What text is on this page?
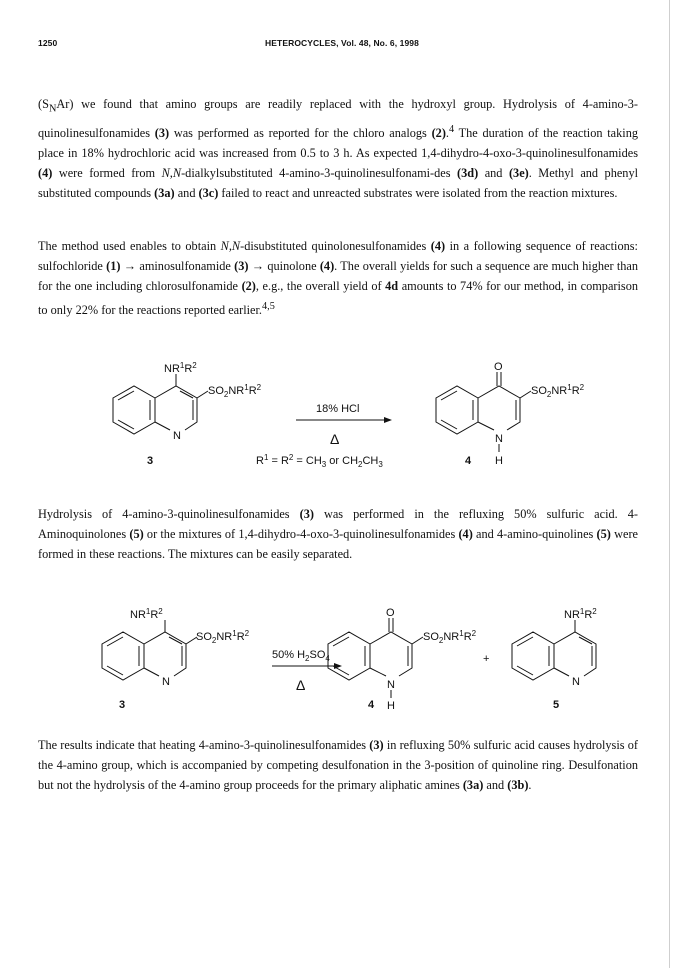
1250	HETEROCYCLES, Vol. 48, No. 6, 1998

$(S_NAr)$ we found that amino groups are readily replaced with the hydroxyl group. Hydrolysis of 4-amino-3-quinolinesulfonamides (3) was performed as reported for the chloro analogs (2).$^4$ The duration of the reaction taking place in 18% hydrochloric acid was increased from 0.5 to 3 h. As expected 1,4-dihydro-4-oxo-3-quinolinesulfonamides (4) were formed from N,N-dialkylsubstituted 4-amino-3-quinolinesulfonami-des (3d) and (3e). Methyl and phenyl substituted compounds (3a) and (3c) failed to react and unreacted substrates were isolated from the reaction mixtures.

The method used enables to obtain N,N-disubstituted quinolonesulfonamides (4) in a following sequence of reactions: sulfochloride (1) → aminosulfonamide (3) → quinolone (4). The overall yields for such a sequence are much higher than for the one including chlorosulfonamide (2), e.g., the overall yield of 4d amounts to 74% for our method, in comparison to only 22% for the reactions reported earlier.$^{4,5}$

$NR^1R^2$
$SO_2NR^1R^2$
N
18% HCl
Δ
O
$SO_2NR^1R^2$
N
H
3	4
$R^1 = R^2 = CH_3$ or $CH_2CH_3$

Hydrolysis of 4-amino-3-quinolinesulfonamides (3) was performed in the refluxing 50% sulfuric acid. 4-Aminoquinolones (5) or the mixtures of 1,4-dihydro-4-oxo-3-quinolinesulfonamides (4) and 4-amino-quinolines (5) were formed in these reactions. The mixtures can be easily separated.

$NR^1R^2$
$SO_2NR^1R^2$
N
50% $H_2SO_4$
Δ
O
$SO_2NR^1R^2$
N
H
+
$NR^1R^2$
N
3	4	5

The results indicate that heating 4-amino-3-quinolinesulfonamides (3) in refluxing 50% sulfuric acid causes hydrolysis of the 4-amino group, which is accompanied by competing desulfonation in the 3-position of quinoline ring. Desulfonation but not the hydrolysis of the 4-amino group proceeds for the primary aliphatic amines (3a) and (3b).
